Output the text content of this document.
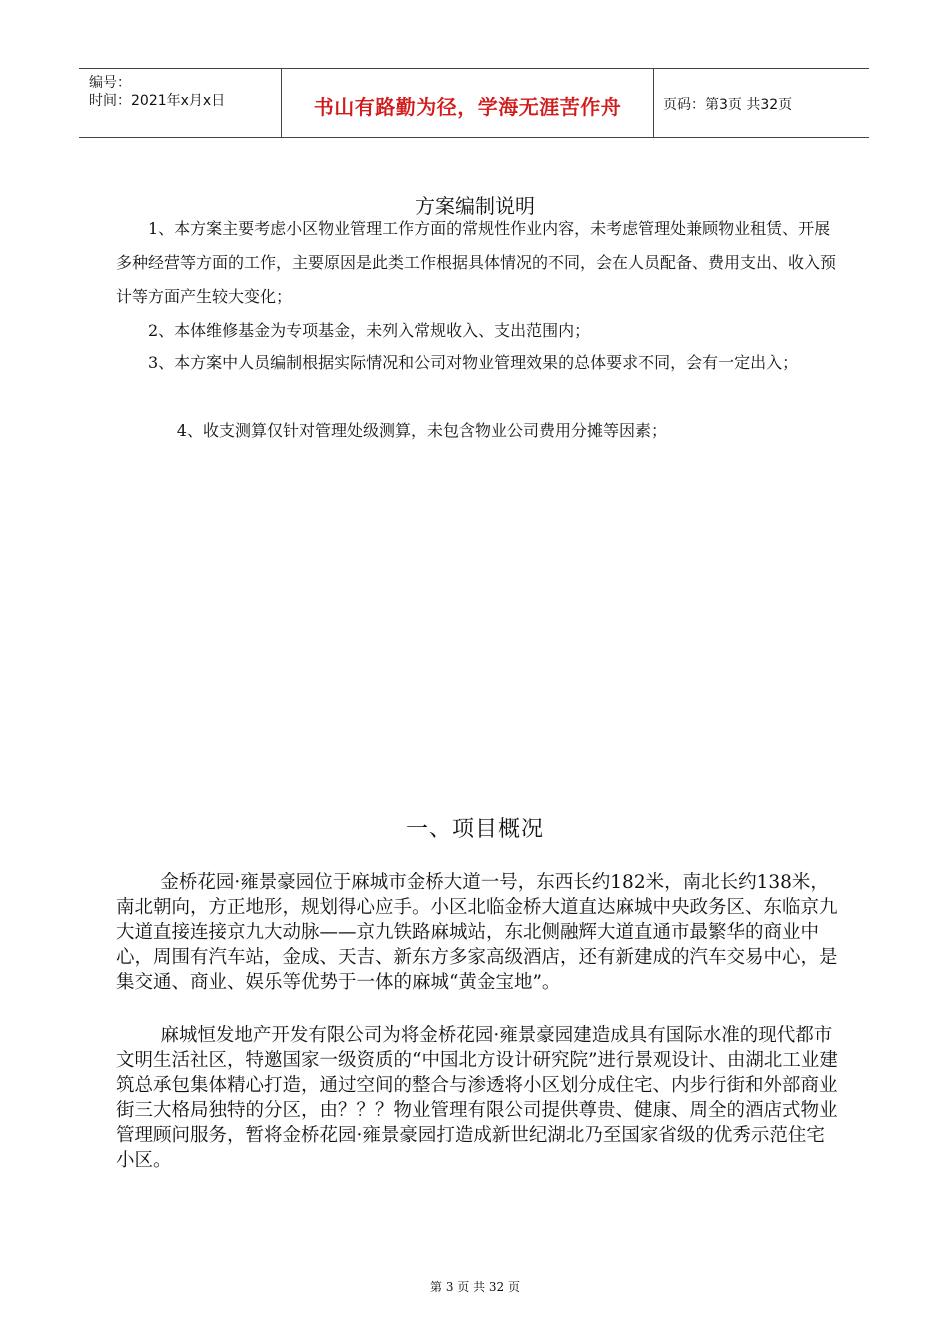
编号：
时间：2021年x月x日	书山有路勤为径，学海无涯苦作舟	页码：第3页 共32页
方案编制说明

1、本方案主要考虑小区物业管理工作方面的常规性作业内容，未考虑管理处兼顾物业租赁、开展多种经营等方面的工作，主要原因是此类工作根据具体情况的不同，会在人员配备、费用支出、收入预计等方面产生较大变化；

2、本体维修基金为专项基金，未列入常规收入、支出范围内；

3、本方案中人员编制根据实际情况和公司对物业管理效果的总体要求不同，会有一定出入；

4、收支测算仅针对管理处级测算，未包含物业公司费用分摊等因素；

一、项目概况

金桥花园·雍景豪园位于麻城市金桥大道一号，东西长约182米，南北长约138米，南北朝向，方正地形，规划得心应手。小区北临金桥大道直达麻城中央政务区、东临京九大道直接连接京九大动脉——京九铁路麻城站，东北侧融辉大道直通市最繁华的商业中心，周围有汽车站，金成、天吉、新东方多家高级酒店，还有新建成的汽车交易中心，是集交通、商业、娱乐等优势于一体的麻城“黄金宝地”。

麻城恒发地产开发有限公司为将金桥花园·雍景豪园建造成具有国际水准的现代都市文明生活社区，特邀国家一级资质的“中国北方设计研究院”进行景观设计、由湖北工业建筑总承包集体精心打造，通过空间的整合与渗透将小区划分成住宅、内步行街和外部商业街三大格局独特的分区，由？？？物业管理有限公司提供尊贵、健康、周全的酒店式物业管理顾问服务，暂将金桥花园·雍景豪园打造成新世纪湖北乃至国家省级的优秀示范住宅小区。

第 3 页 共 32 页
